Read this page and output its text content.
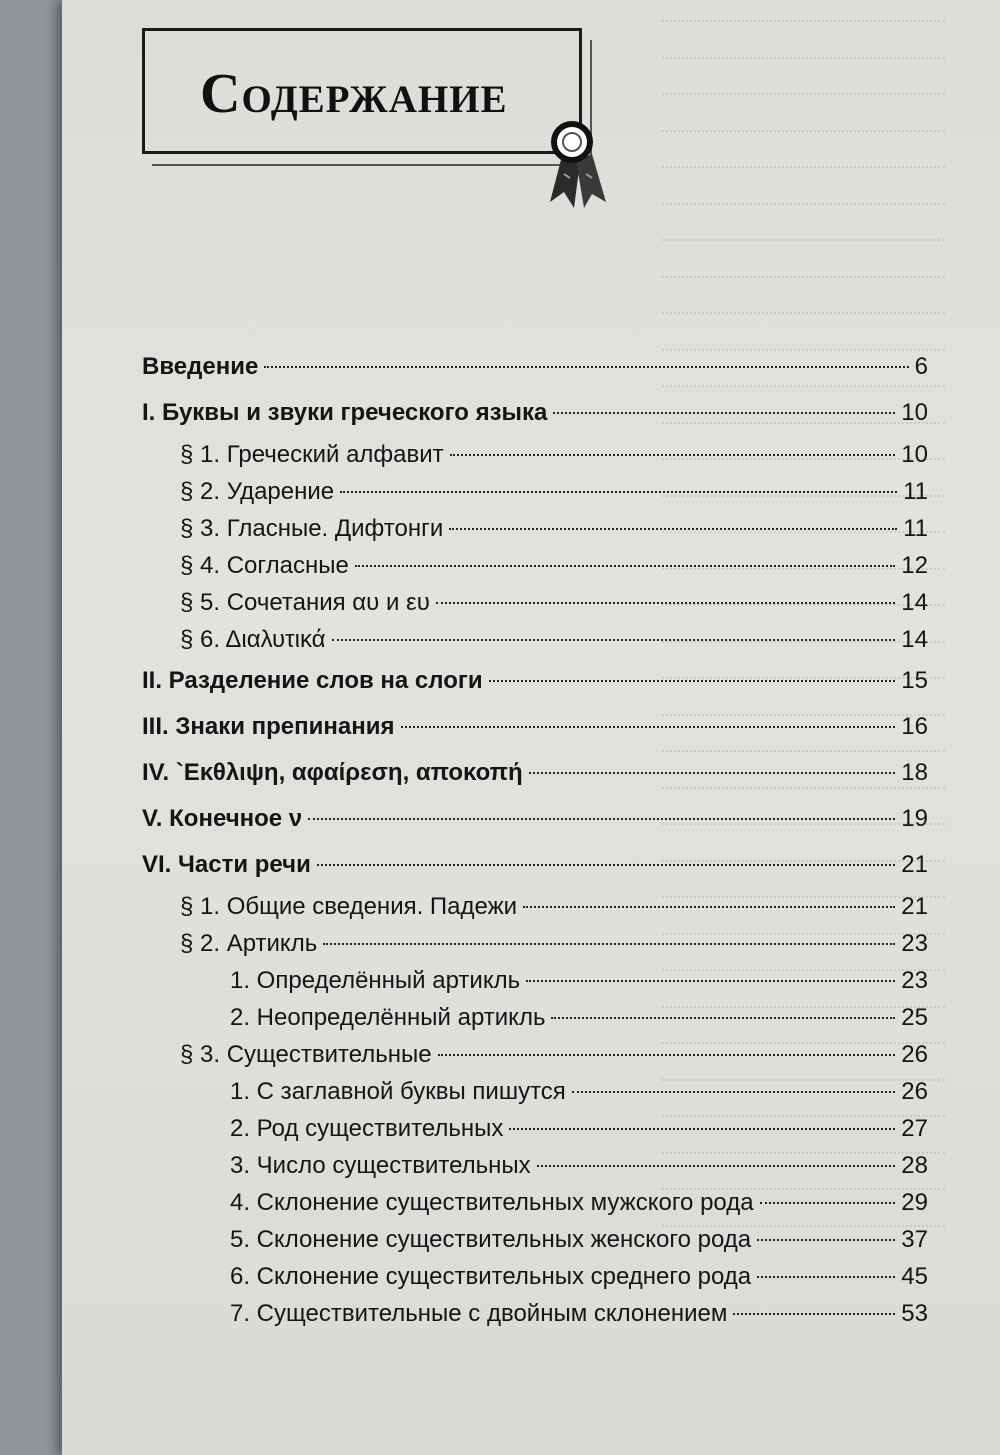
Содержание
Введение	6
I. Буквы и звуки греческого языка	10
§ 1. Греческий алфавит	10
§ 2. Ударение	11
§ 3. Гласные. Дифтонги	11
§ 4. Согласные	12
§ 5. Сочетания αυ и ευ	14
§ 6. Διαλυτικά	14
II. Разделение слов на слоги	15
III. Знаки препинания	16
IV. `Εκθλιψη, αφαίρεση, αποκοπή	18
V. Конечное ν	19
VI. Части речи	21
§ 1. Общие сведения. Падежи	21
§ 2. Артикль	23
1. Определённый артикль	23
2. Неопределённый артикль	25
§ 3. Существительные	26
1. С заглавной буквы пишутся	26
2. Род существительных	27
3. Число существительных	28
4. Склонение существительных мужского рода	29
5. Склонение существительных женского рода	37
6. Склонение существительных среднего рода	45
7. Существительные с двойным склонением	53
